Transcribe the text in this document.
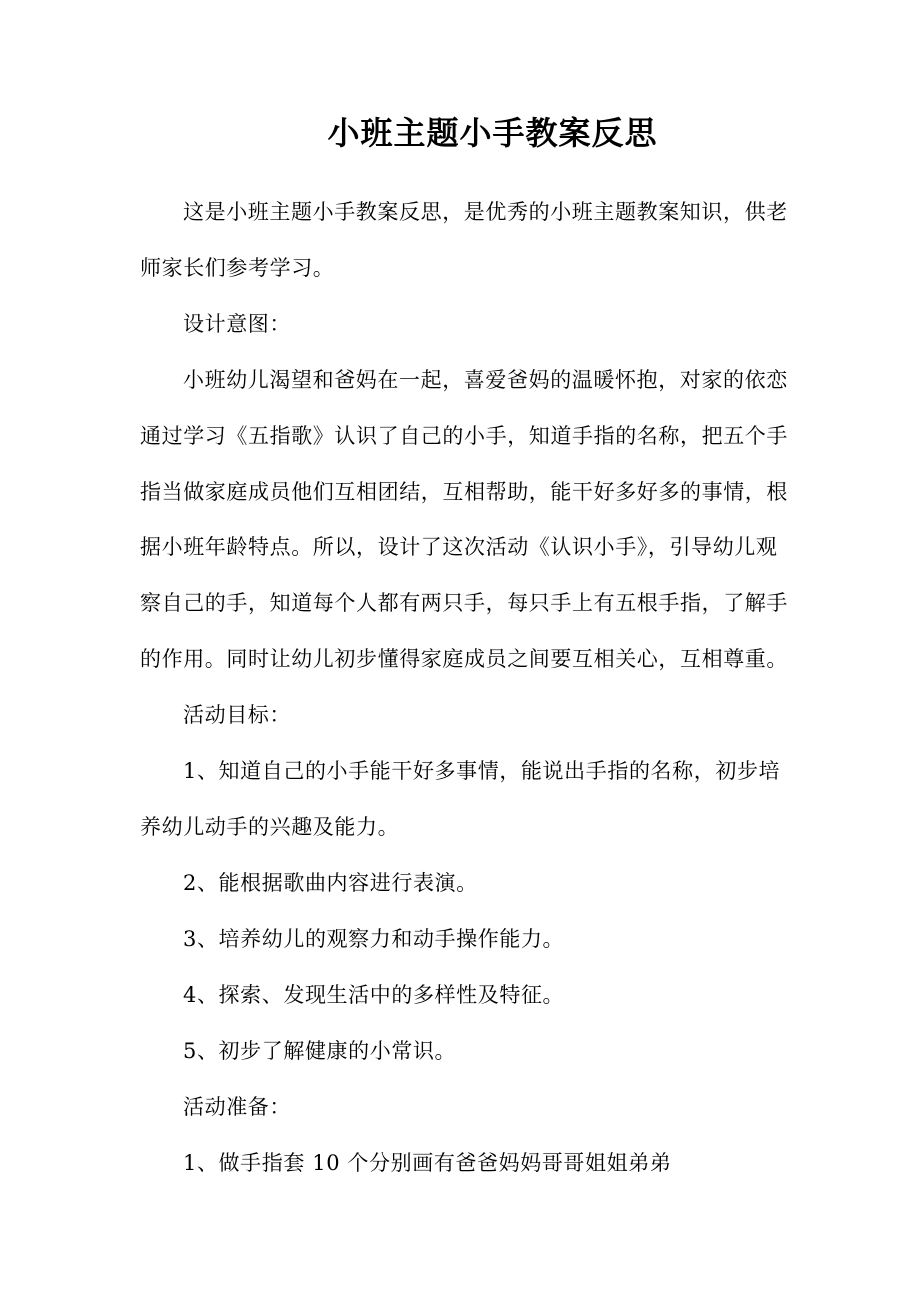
小班主题小手教案反思
这是小班主题小手教案反思，是优秀的小班主题教案知识，供老
师家长们参考学习。
设计意图：
小班幼儿渴望和爸妈在一起，喜爱爸妈的温暖怀抱，对家的依恋
通过学习《五指歌》认识了自己的小手，知道手指的名称，把五个手
指当做家庭成员他们互相团结，互相帮助，能干好多好多的事情，根
据小班年龄特点。所以，设计了这次活动《认识小手》，引导幼儿观
察自己的手，知道每个人都有两只手，每只手上有五根手指，了解手
的作用。同时让幼儿初步懂得家庭成员之间要互相关心，互相尊重。
活动目标：
1、知道自己的小手能干好多事情，能说出手指的名称，初步培
养幼儿动手的兴趣及能力。
2、能根据歌曲内容进行表演。
3、培养幼儿的观察力和动手操作能力。
4、探索、发现生活中的多样性及特征。
5、初步了解健康的小常识。
活动准备：
1、做手指套 10 个分别画有爸爸妈妈哥哥姐姐弟弟
